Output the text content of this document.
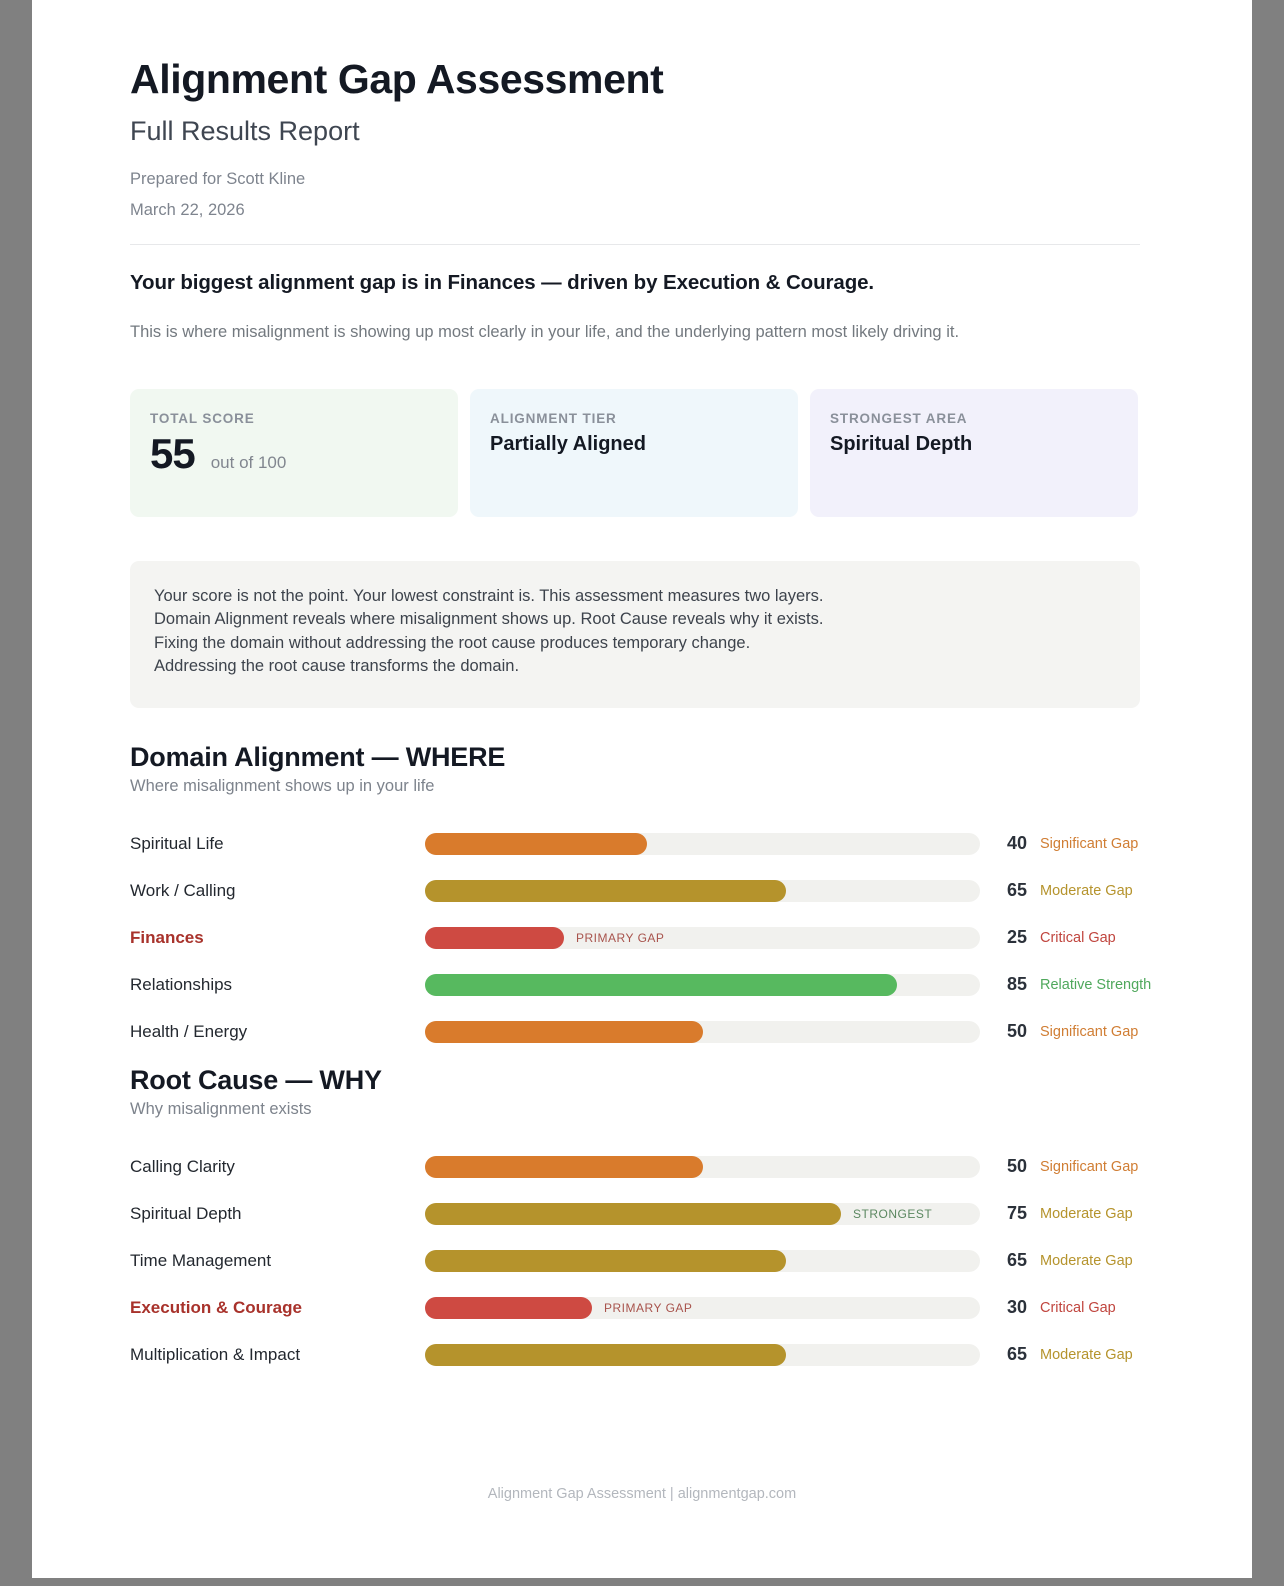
Alignment Gap Assessment
Full Results Report
Prepared for Scott Kline
March 22, 2026
Your biggest alignment gap is in Finances — driven by Execution & Courage.
This is where misalignment is showing up most clearly in your life, and the underlying pattern most likely driving it.
TOTAL SCORE
55 out of 100
ALIGNMENT TIER
Partially Aligned
STRONGEST AREA
Spiritual Depth

Your score is not the point. Your lowest constraint is. This assessment measures two layers.

Domain Alignment reveals where misalignment shows up. Root Cause reveals why it exists.

Fixing the domain without addressing the root cause produces temporary change.

Addressing the root cause transforms the domain.

Domain Alignment — WHERE
Where misalignment shows up in your life
Spiritual Life	40 Significant Gap
Work / Calling	65 Moderate Gap
Finances	PRIMARY GAP	25 Critical Gap
Relationships	85 Relative Strength
Health / Energy	50 Significant Gap
Root Cause — WHY
Why misalignment exists
Calling Clarity	50 Significant Gap
Spiritual Depth	STRONGEST	75 Moderate Gap
Time Management	65 Moderate Gap
Execution & Courage	PRIMARY GAP	30 Critical Gap
Multiplication & Impact	65 Moderate Gap
Alignment Gap Assessment | alignmentgap.com
